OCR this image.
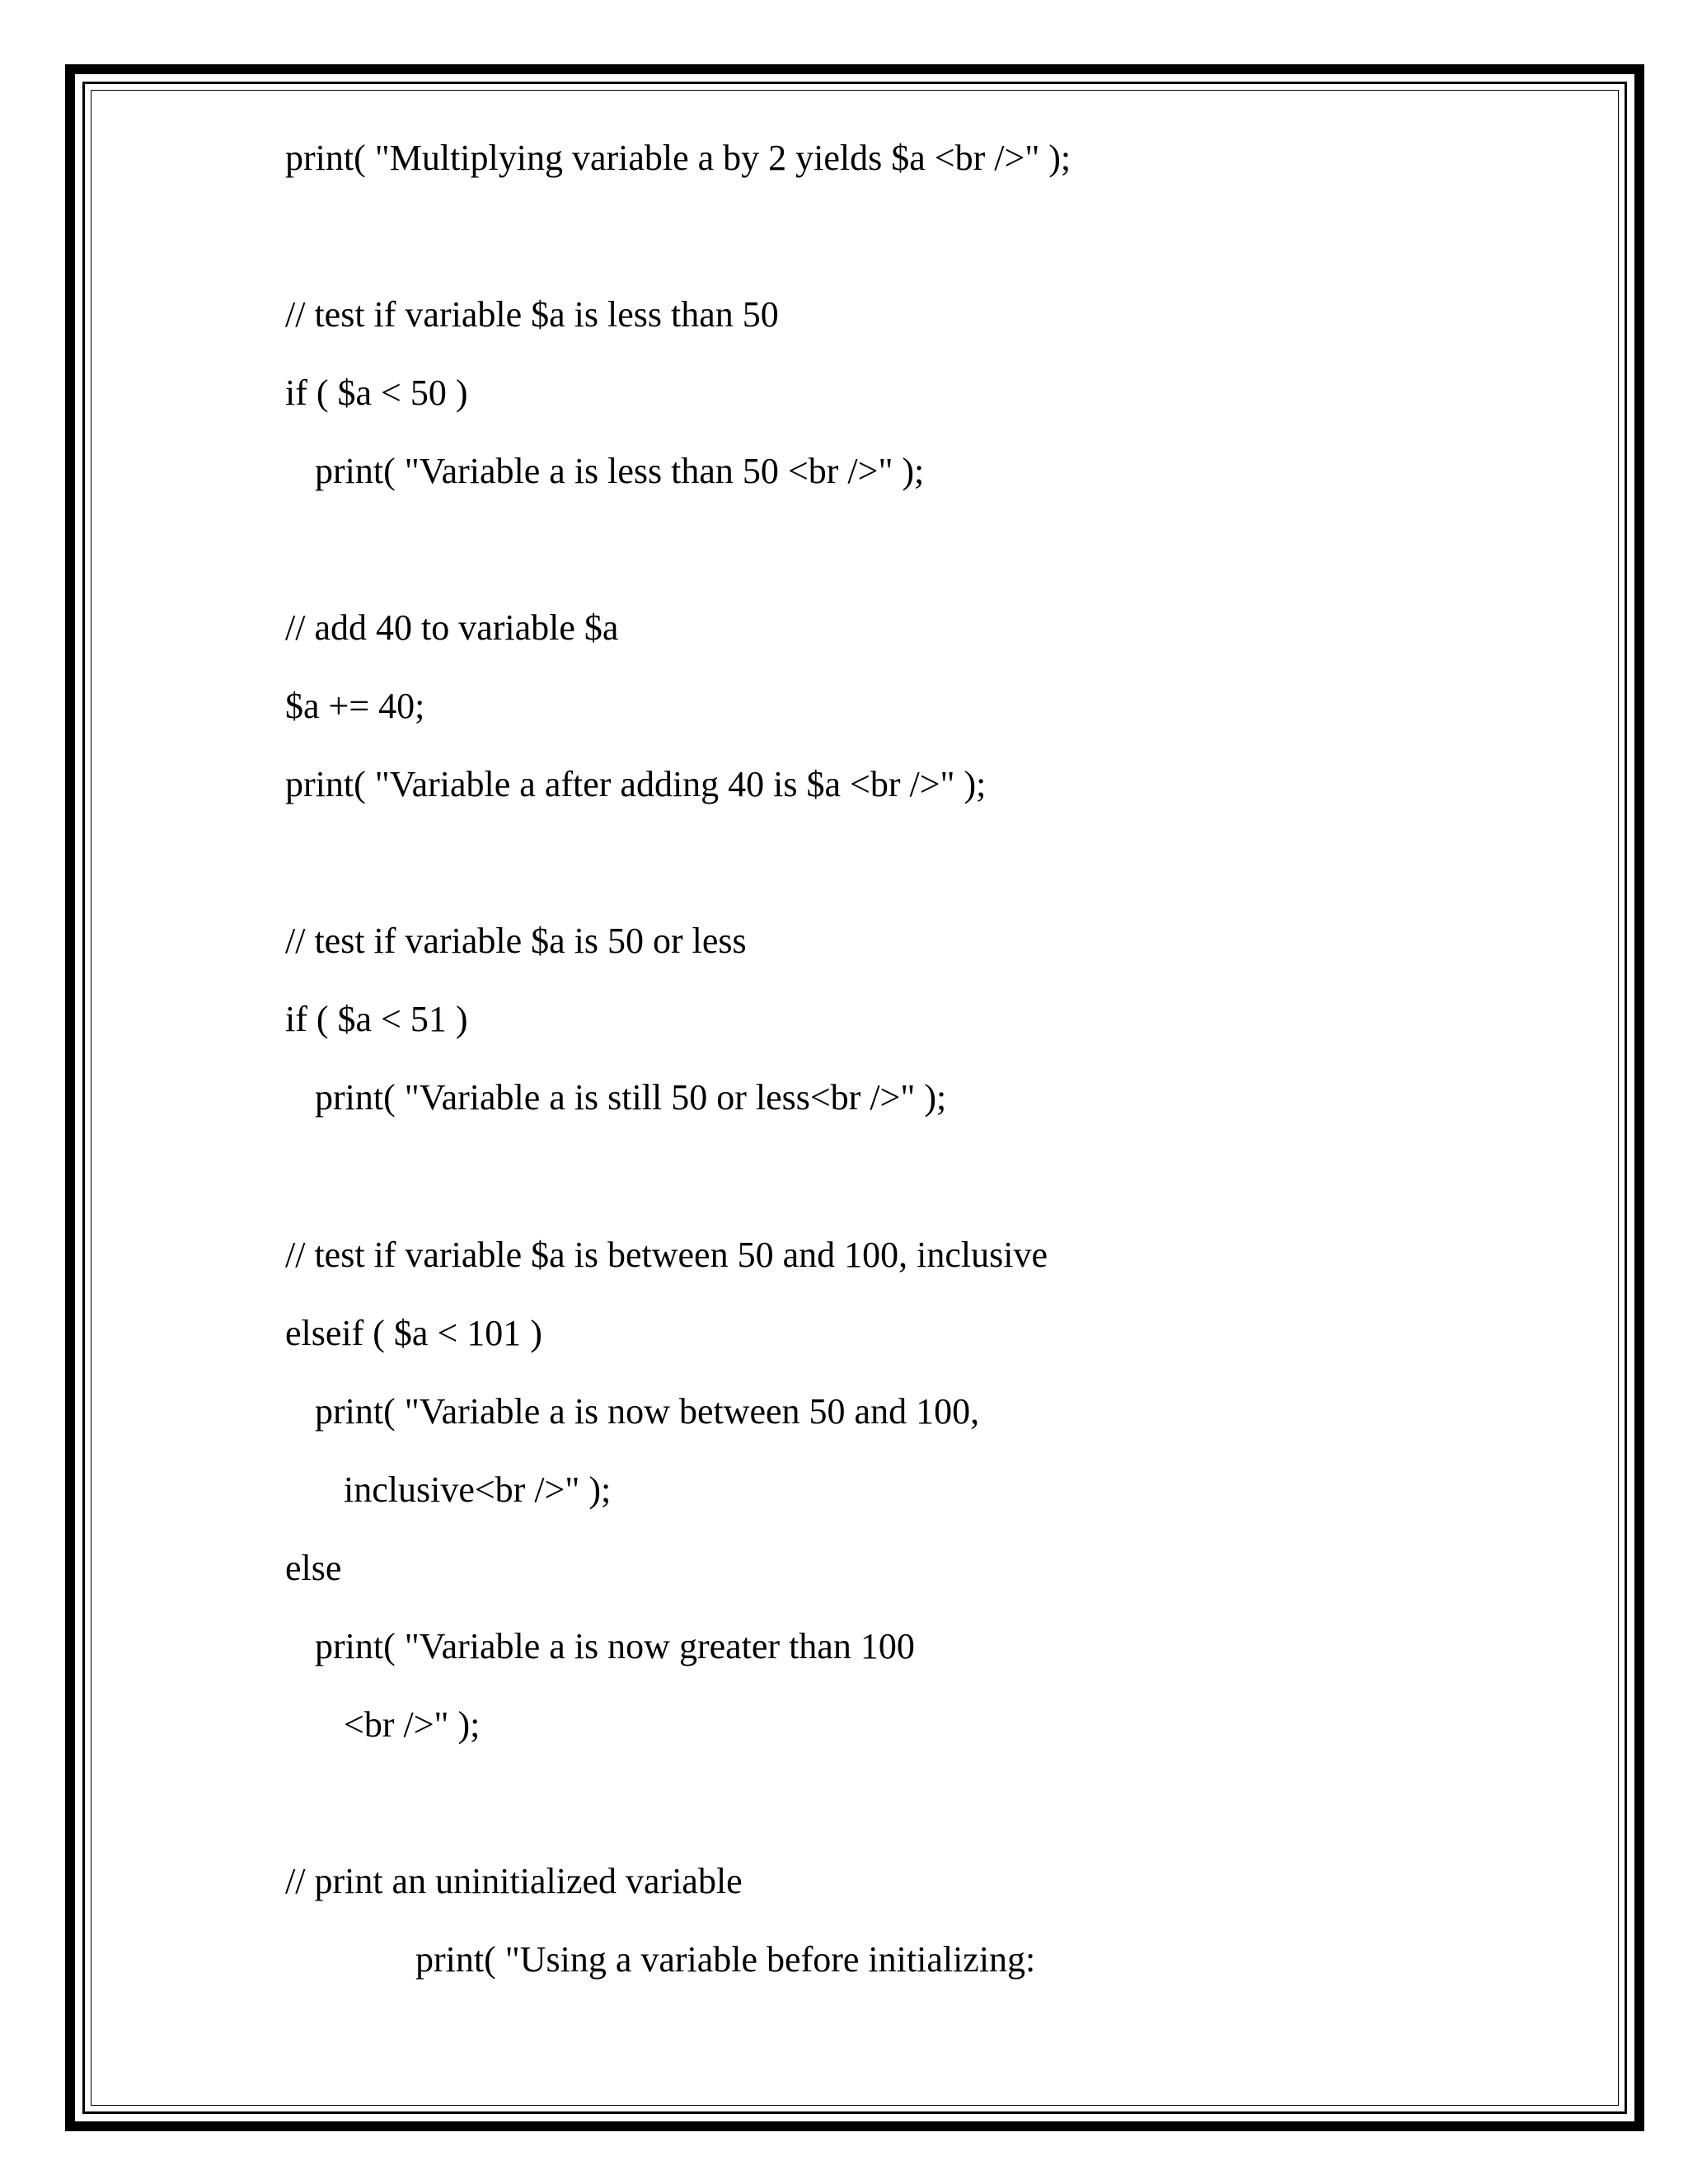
print( "Multiplying variable a by 2 yields $a <br />" );

// test if variable $a is less than 50

if ( $a < 50 )

print( "Variable a is less than 50 <br />" );

// add 40 to variable $a

$a += 40;

print( "Variable a after adding 40 is $a <br />" );

// test if variable $a is 50 or less

if ( $a < 51 )

print( "Variable a is still 50 or less<br />" );

// test if variable $a is between 50 and 100, inclusive

elseif ( $a < 101 )

print( "Variable a is now between 50 and 100,

inclusive<br />" );

else

print( "Variable a is now greater than 100

<br />" );

// print an uninitialized variable

print( "Using a variable before initializing:
